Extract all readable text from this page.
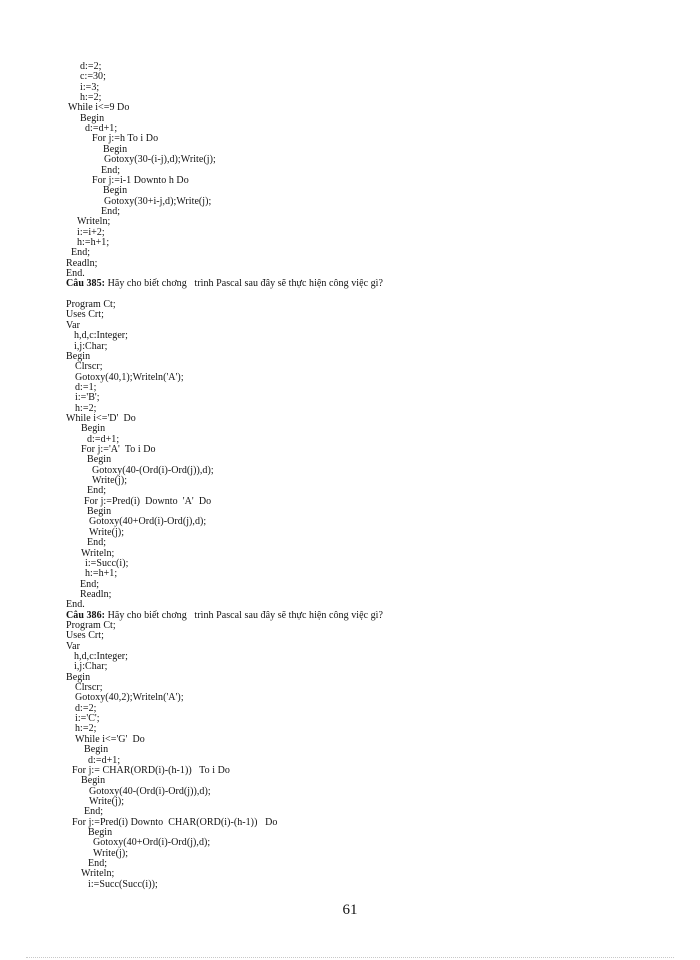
d:=2;
c:=30;
i:=3;
h:=2;
While i<=9 Do
Begin
d:=d+1;
For j:=h To i Do
Begin
Gotoxy(30-(i-j),d);Write(j);
End;
For j:=i-1 Downto h Do
Begin
Gotoxy(30+i-j,d);Write(j);
End;
Writeln;
i:=i+2;
h:=h+1;
End;
Readln;
End.
Câu 385: Hãy cho biết chơng   trình Pascal sau đây sẽ thực hiện công việc gì?
Program Ct;
Uses Crt;
Var
h,d,c:Integer;
i,j:Char;
Begin
Clrscr;
Gotoxy(40,1);Writeln('A');
d:=1;
i:='B';
h:=2;
While i<='D'  Do
Begin
d:=d+1;
For j:='A'  To i Do
Begin
Gotoxy(40-(Ord(i)-Ord(j)),d);
Write(j);
End;
For j:=Pred(i)  Downto  'A'  Do
Begin
Gotoxy(40+Ord(i)-Ord(j),d);
Write(j);
End;
Writeln;
i:=Succ(i);
h:=h+1;
End;
Readln;
End.
Câu 386: Hãy cho biết chơng   trình Pascal sau đây sẽ thực hiện công việc gì?
Program Ct;
Uses Crt;
Var
h,d,c:Integer;
i,j:Char;
Begin
Clrscr;
Gotoxy(40,2);Writeln('A');
d:=2;
i:='C';
h:=2;
While i<='G'  Do
Begin
d:=d+1;
For j:= CHAR(ORD(i)-(h-1))   To i Do
Begin
Gotoxy(40-(Ord(i)-Ord(j)),d);
Write(j);
End;
For j:=Pred(i) Downto  CHAR(ORD(i)-(h-1))   Do
Begin
Gotoxy(40+Ord(i)-Ord(j),d);
Write(j);
End;
Writeln;
i:=Succ(Succ(i));
61
